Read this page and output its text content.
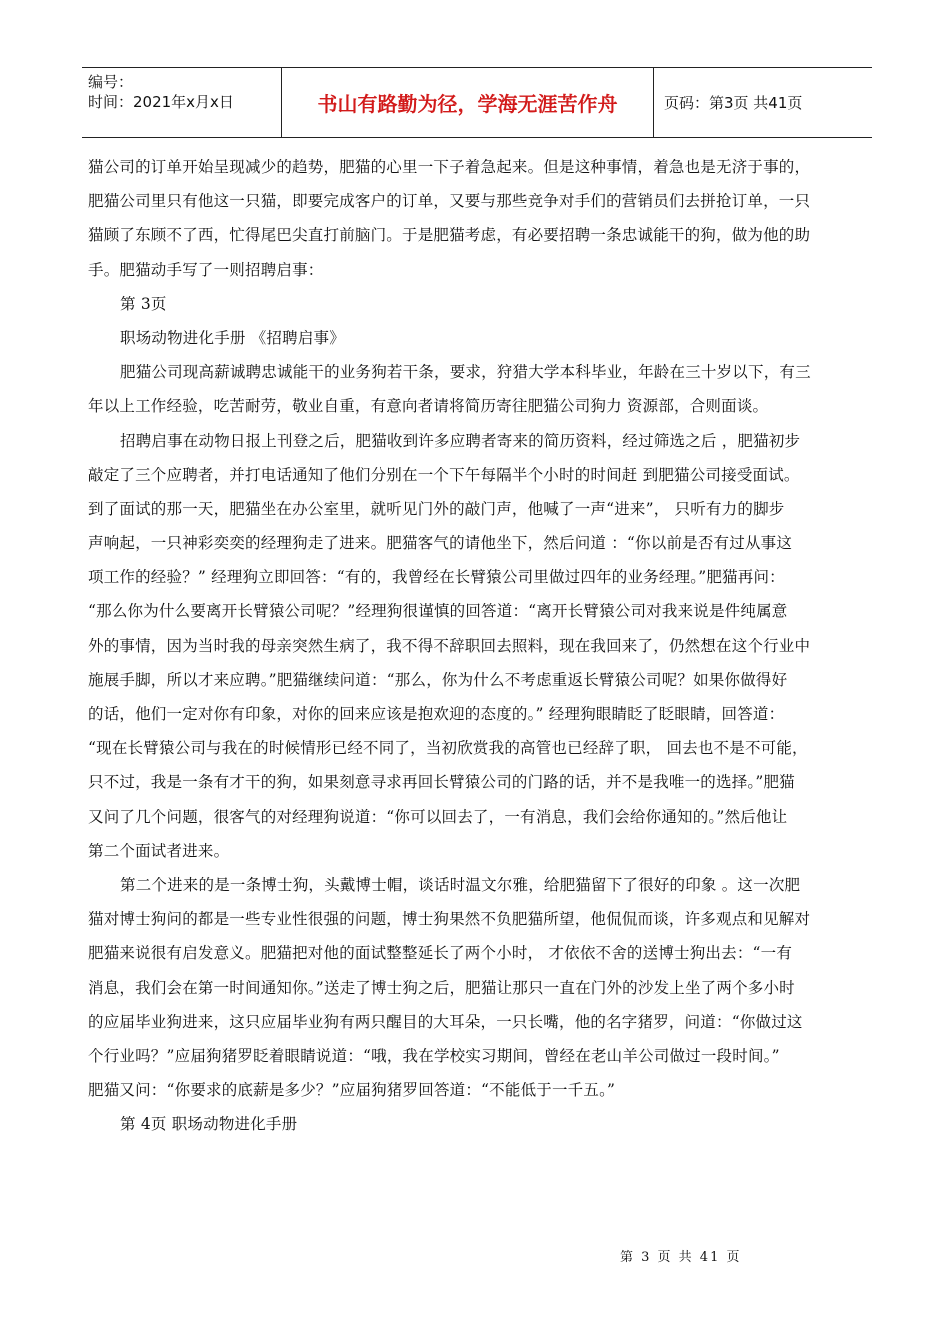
编号：
时间：2021年x月x日	书山有路勤为径，学海无涯苦作舟	页码：第3页 共41页
猫公司的订单开始呈现减少的趋势，肥猫的心里一下子着急起来。但是这种事情，着急也是无济于事的，
肥猫公司里只有他这一只猫，即要完成客户的订单，又要与那些竞争对手们的营销员们去拼抢订单，一只
猫顾了东顾不了西，忙得尾巴尖直打前脑门。于是肥猫考虑，有必要招聘一条忠诚能干的狗，做为他的助
手。肥猫动手写了一则招聘启事：
第 3页
职场动物进化手册 《招聘启事》
肥猫公司现高薪诚聘忠诚能干的业务狗若干条，要求，狩猎大学本科毕业，年龄在三十岁以下，有三
年以上工作经验，吃苦耐劳，敬业自重，有意向者请将简历寄往肥猫公司狗力 资源部，合则面谈。
招聘启事在动物日报上刊登之后，肥猫收到许多应聘者寄来的简历资料，经过筛选之后 ，肥猫初步
敲定了三个应聘者，并打电话通知了他们分别在一个下午每隔半个小时的时间赶 到肥猫公司接受面试。
到了面试的那一天，肥猫坐在办公室里，就听见门外的敲门声，他喊了一声“进来”， 只听有力的脚步
声响起，一只神彩奕奕的经理狗走了进来。肥猫客气的请他坐下，然后问道 ：“你以前是否有过从事这
项工作的经验？” 经理狗立即回答：“有的，我曾经在长臂猿公司里做过四年的业务经理。”肥猫再问：
“那么你为什么要离开长臂猿公司呢？”经理狗很谨慎的回答道：“离开长臂猿公司对我来说是件纯属意
外的事情，因为当时我的母亲突然生病了，我不得不辞职回去照料，现在我回来了，仍然想在这个行业中
施展手脚，所以才来应聘。”肥猫继续问道：“那么，你为什么不考虑重返长臂猿公司呢？如果你做得好
的话，他们一定对你有印象，对你的回来应该是抱欢迎的态度的。” 经理狗眼睛眨了眨眼睛，回答道：
“现在长臂猿公司与我在的时候情形已经不同了，当初欣赏我的高管也已经辞了职， 回去也不是不可能，
只不过，我是一条有才干的狗，如果刻意寻求再回长臂猿公司的门路的话，并不是我唯一的选择。”肥猫
又问了几个问题，很客气的对经理狗说道：“你可以回去了，一有消息，我们会给你通知的。”然后他让
第二个面试者进来。
第二个进来的是一条博士狗，头戴博士帽，谈话时温文尔雅，给肥猫留下了很好的印象 。这一次肥
猫对博士狗问的都是一些专业性很强的问题，博士狗果然不负肥猫所望，他侃侃而谈，许多观点和见解对
肥猫来说很有启发意义。肥猫把对他的面试整整延长了两个小时， 才依依不舍的送博士狗出去：“一有
消息，我们会在第一时间通知你。”送走了博士狗之后，肥猫让那只一直在门外的沙发上坐了两个多小时
的应届毕业狗进来，这只应届毕业狗有两只醒目的大耳朵，一只长嘴，他的名字猪罗，问道：“你做过这
个行业吗？”应届狗猪罗眨着眼睛说道：“哦，我在学校实习期间，曾经在老山羊公司做过一段时间。”
肥猫又问：“你要求的底薪是多少？”应届狗猪罗回答道：“不能低于一千五。”
第 4页 职场动物进化手册
第 3 页 共 41 页
